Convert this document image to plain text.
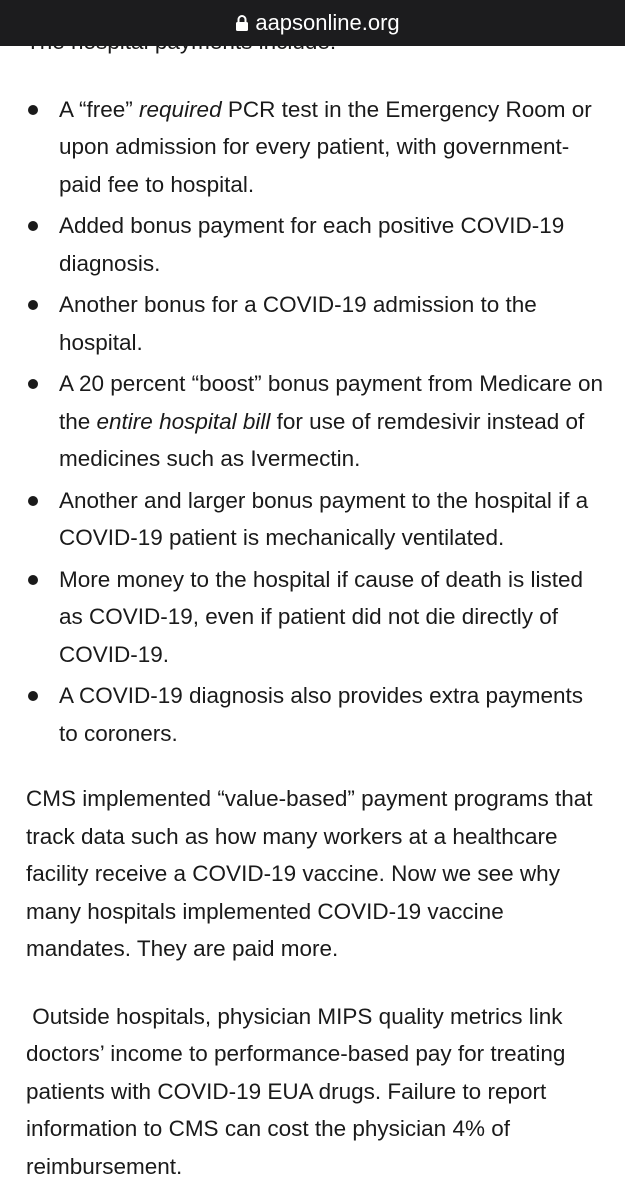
aapsonline.org

A “free” required PCR test in the Emergency Room or upon admission for every patient, with government-paid fee to hospital.
Added bonus payment for each positive COVID-19 diagnosis.
Another bonus for a COVID-19 admission to the hospital.
A 20 percent “boost” bonus payment from Medicare on the entire hospital bill for use of remdesivir instead of medicines such as Ivermectin.
Another and larger bonus payment to the hospital if a COVID-19 patient is mechanically ventilated.
More money to the hospital if cause of death is listed as COVID-19, even if patient did not die directly of COVID-19.
A COVID-19 diagnosis also provides extra payments to coroners.

CMS implemented “value-based” payment programs that track data such as how many workers at a healthcare facility receive a COVID-19 vaccine. Now we see why many hospitals implemented COVID-19 vaccine mandates. They are paid more.

Outside hospitals, physician MIPS quality metrics link doctors’ income to performance-based pay for treating patients with COVID-19 EUA drugs. Failure to report information to CMS can cost the physician 4% of reimbursement.
